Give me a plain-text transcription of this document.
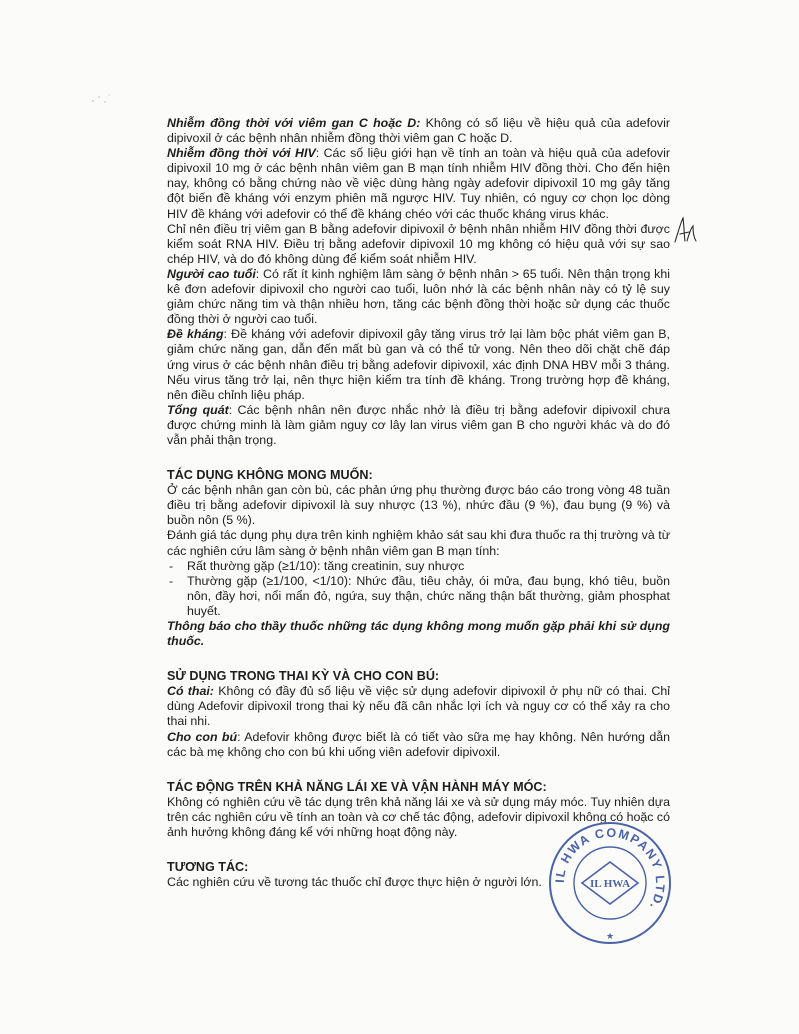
Nhiễm đồng thời với viêm gan C hoặc D: Không có số liệu về hiệu quả của adefovir dipivoxil ở các bệnh nhân nhiễm đồng thời viêm gan C hoặc D.

Nhiễm đồng thời với HIV: Các số liệu giới hạn về tính an toàn và hiệu quả của adefovir dipivoxil 10 mg ở các bệnh nhân viêm gan B mạn tính nhiễm HIV đồng thời. Cho đến hiện nay, không có bằng chứng nào về việc dùng hàng ngày adefovir dipivoxil 10 mg gây tăng đột biến đề kháng với enzym phiên mã ngược HIV. Tuy nhiên, có nguy cơ chọn lọc dòng HIV đề kháng với adefovir có thể đề kháng chéo với các thuốc kháng virus khác.

Chỉ nên điều trị viêm gan B bằng adefovir dipivoxil ở bệnh nhân nhiễm HIV đồng thời được kiểm soát RNA HIV. Điều trị bằng adefovir dipivoxil 10 mg không có hiệu quả với sự sao chép HIV, và do đó không dùng để kiểm soát nhiễm HIV.

Người cao tuổi: Có rất ít kinh nghiệm lâm sàng ở bệnh nhân > 65 tuổi. Nên thận trọng khi kê đơn adefovir dipivoxil cho người cao tuổi, luôn nhớ là các bệnh nhân này có tỷ lệ suy giảm chức năng tim và thận nhiều hơn, tăng các bệnh đồng thời hoặc sử dụng các thuốc đồng thời ở người cao tuổi.

Đề kháng: Đề kháng với adefovir dipivoxil gây tăng virus trở lại làm bộc phát viêm gan B, giảm chức năng gan, dẫn đến mất bù gan và có thể tử vong. Nên theo dõi chặt chẽ đáp ứng virus ở các bệnh nhân điều trị bằng adefovir dipivoxil, xác định DNA HBV mỗi 3 tháng. Nếu virus tăng trở lại, nên thực hiện kiểm tra tính đề kháng. Trong trường hợp đề kháng, nên điều chỉnh liệu pháp.

Tổng quát: Các bệnh nhân nên được nhắc nhở là điều trị bằng adefovir dipivoxil chưa được chứng minh là làm giảm nguy cơ lây lan virus viêm gan B cho người khác và do đó vẫn phải thận trọng.

TÁC DỤNG KHÔNG MONG MUỐN:

Ở các bệnh nhân gan còn bù, các phản ứng phụ thường được báo cáo trong vòng 48 tuần điều trị bằng adefovir dipivoxil là suy nhược (13 %), nhức đầu (9 %), đau bụng (9 %) và buồn nôn (5 %).

Đánh giá tác dụng phụ dựa trên kinh nghiệm khảo sát sau khi đưa thuốc ra thị trường và từ các nghiên cứu lâm sàng ở bệnh nhân viêm gan B mạn tính:

- Rất thường gặp (≥1/10): tăng creatinin, suy nhược
- Thường gặp (≥1/100, <1/10): Nhức đầu, tiêu chảy, ói mửa, đau bụng, khó tiêu, buồn nôn, đầy hơi, nổi mẩn đỏ, ngứa, suy thận, chức năng thận bất thường, giảm phosphat huyết.

Thông báo cho thầy thuốc những tác dụng không mong muốn gặp phải khi sử dụng thuốc.

SỬ DỤNG TRONG THAI KỲ VÀ CHO CON BÚ:

Có thai: Không có đầy đủ số liệu về việc sử dụng adefovir dipivoxil ở phụ nữ có thai. Chỉ dùng Adefovir dipivoxil trong thai kỳ nếu đã cân nhắc lợi ích và nguy cơ có thể xảy ra cho thai nhi.

Cho con bú: Adefovir không được biết là có tiết vào sữa mẹ hay không. Nên hướng dẫn các bà mẹ không cho con bú khi uống viên adefovir dipivoxil.

TÁC ĐỘNG TRÊN KHẢ NĂNG LÁI XE VÀ VẬN HÀNH MÁY MÓC:

Không có nghiên cứu về tác dụng trên khả năng lái xe và sử dụng máy móc. Tuy nhiên dựa trên các nghiên cứu về tính an toàn và cơ chế tác động, adefovir dipivoxil không có hoặc có ảnh hưởng không đáng kể với những hoạt động này.

TƯƠNG TÁC:

Các nghiên cứu về tương tác thuốc chỉ được thực hiện ở người lớn. IL HWA COMPANY LTD.
IL HWA
★
